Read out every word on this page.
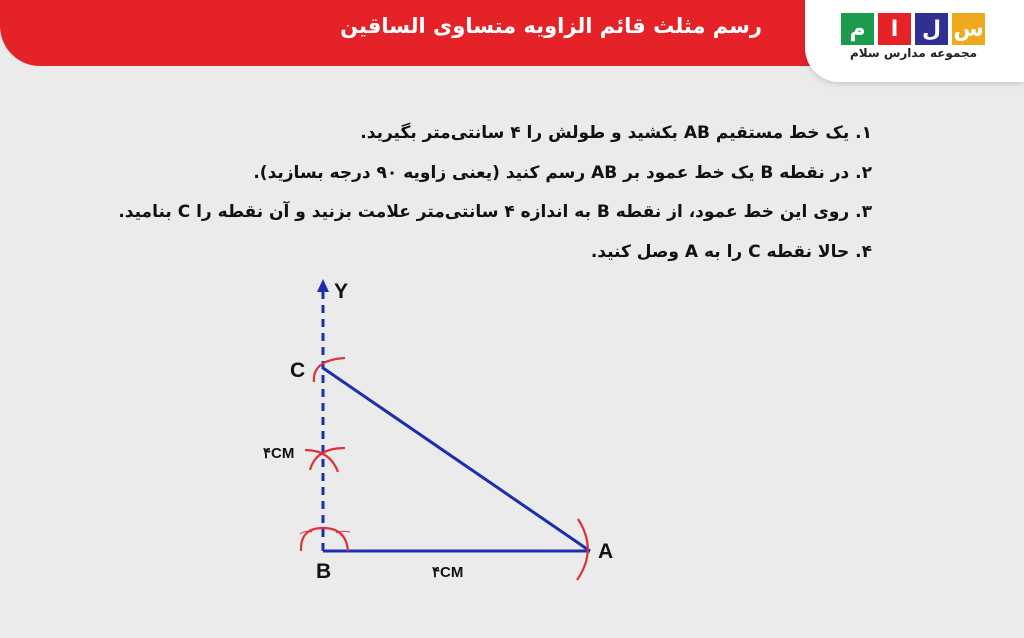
رسم مثلث قائم الزاویه متساوی الساقین	م	ا	ل س
مجموعه مدارس سلام
۱. یک خط مستقیم AB بکشید و طولش را ۴ سانتی‌متر بگیرید.
۲. در نقطه B یک خط عمود بر AB رسم کنید (یعنی زاویه ۹۰ درجه بسازید).
۳. روی این خط عمود، از نقطه B به اندازه ۴ سانتی‌متر علامت بزنید و آن نقطه را C بنامید.
۴. حالا نقطه C را به A وصل کنید.
Y
C
B
A
۴CM
۴CM
